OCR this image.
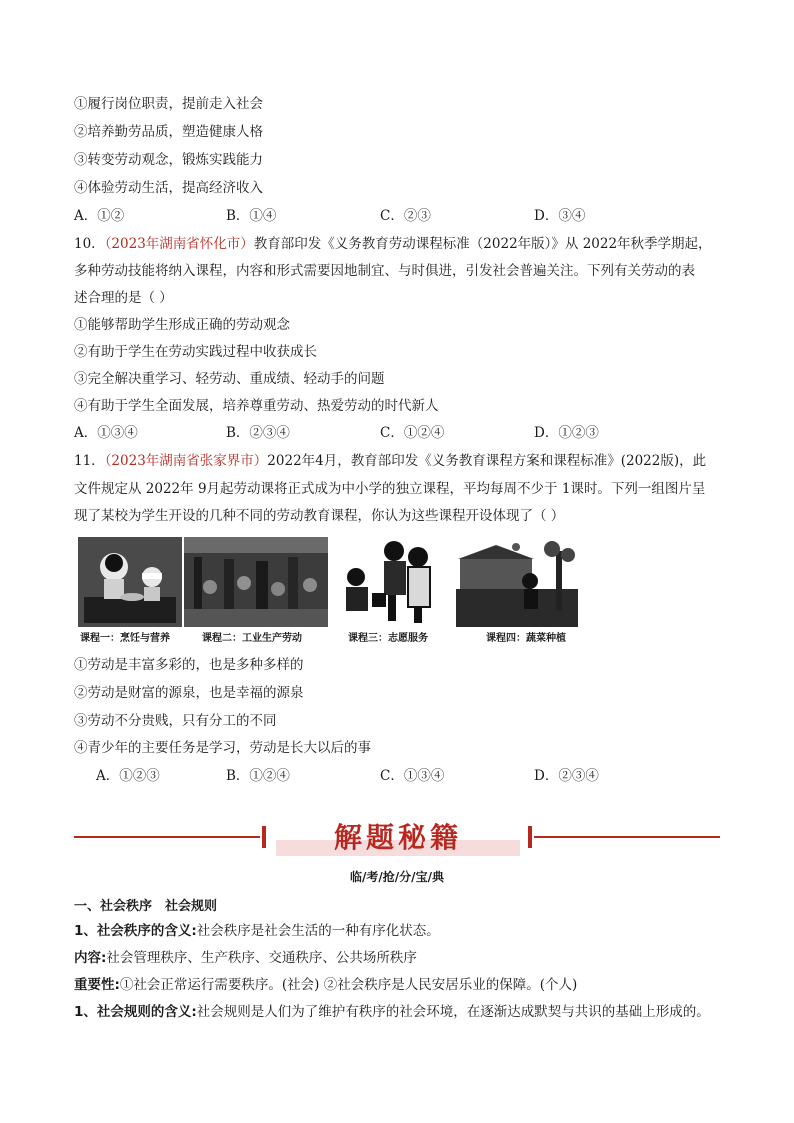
①履行岗位职责，提前走入社会
②培养勤劳品质，塑造健康人格
③转变劳动观念，锻炼实践能力
④体验劳动生活，提高经济收入
A．①②	B．①④	C．②③	D．③④
10．（2023年湖南省怀化市）教育部印发《义务教育劳动课程标准（2022年版）》从 2022年秋季学期起，
多种劳动技能将纳入课程，内容和形式需要因地制宜、与时俱进，引发社会普遍关注。下列有关劳动的表
述合理的是（ ）
①能够帮助学生形成正确的劳动观念
②有助于学生在劳动实践过程中收获成长
③完全解决重学习、轻劳动、重成绩、轻动手的问题
④有助于学生全面发展，培养尊重劳动、热爱劳动的时代新人
A．①③④	B．②③④	C．①②④	D．①②③
11．（2023年湖南省张家界市）2022年4月，教育部印发《义务教育课程方案和课程标准》(2022版)，此
文件规定从 2022年 9月起劳动课将正式成为中小学的独立课程，平均每周不少于 1课时。下列一组图片呈
现了某校为学生开设的几种不同的劳动教育课程，你认为这些课程开设体现了（ ）
课程一：烹饪与营养	课程二：工业生产劳动	课程三：志愿服务	课程四：蔬菜种植
①劳动是丰富多彩的，也是多种多样的
②劳动是财富的源泉，也是幸福的源泉
③劳动不分贵贱，只有分工的不同
④青少年的主要任务是学习，劳动是长大以后的事
A．①②③	B．①②④	C．①③④	D．②③④
解题秘籍
临/考/抢/分/宝/典
一、社会秩序　社会规则
1、社会秩序的含义:社会秩序是社会生活的一种有序化状态。
内容:社会管理秩序、生产秩序、交通秩序、公共场所秩序
重要性:①社会正常运行需要秩序。(社会) ②社会秩序是人民安居乐业的保障。(个人)
1、社会规则的含义:社会规则是人们为了维护有秩序的社会环境，在逐渐达成默契与共识的基础上形成的。
